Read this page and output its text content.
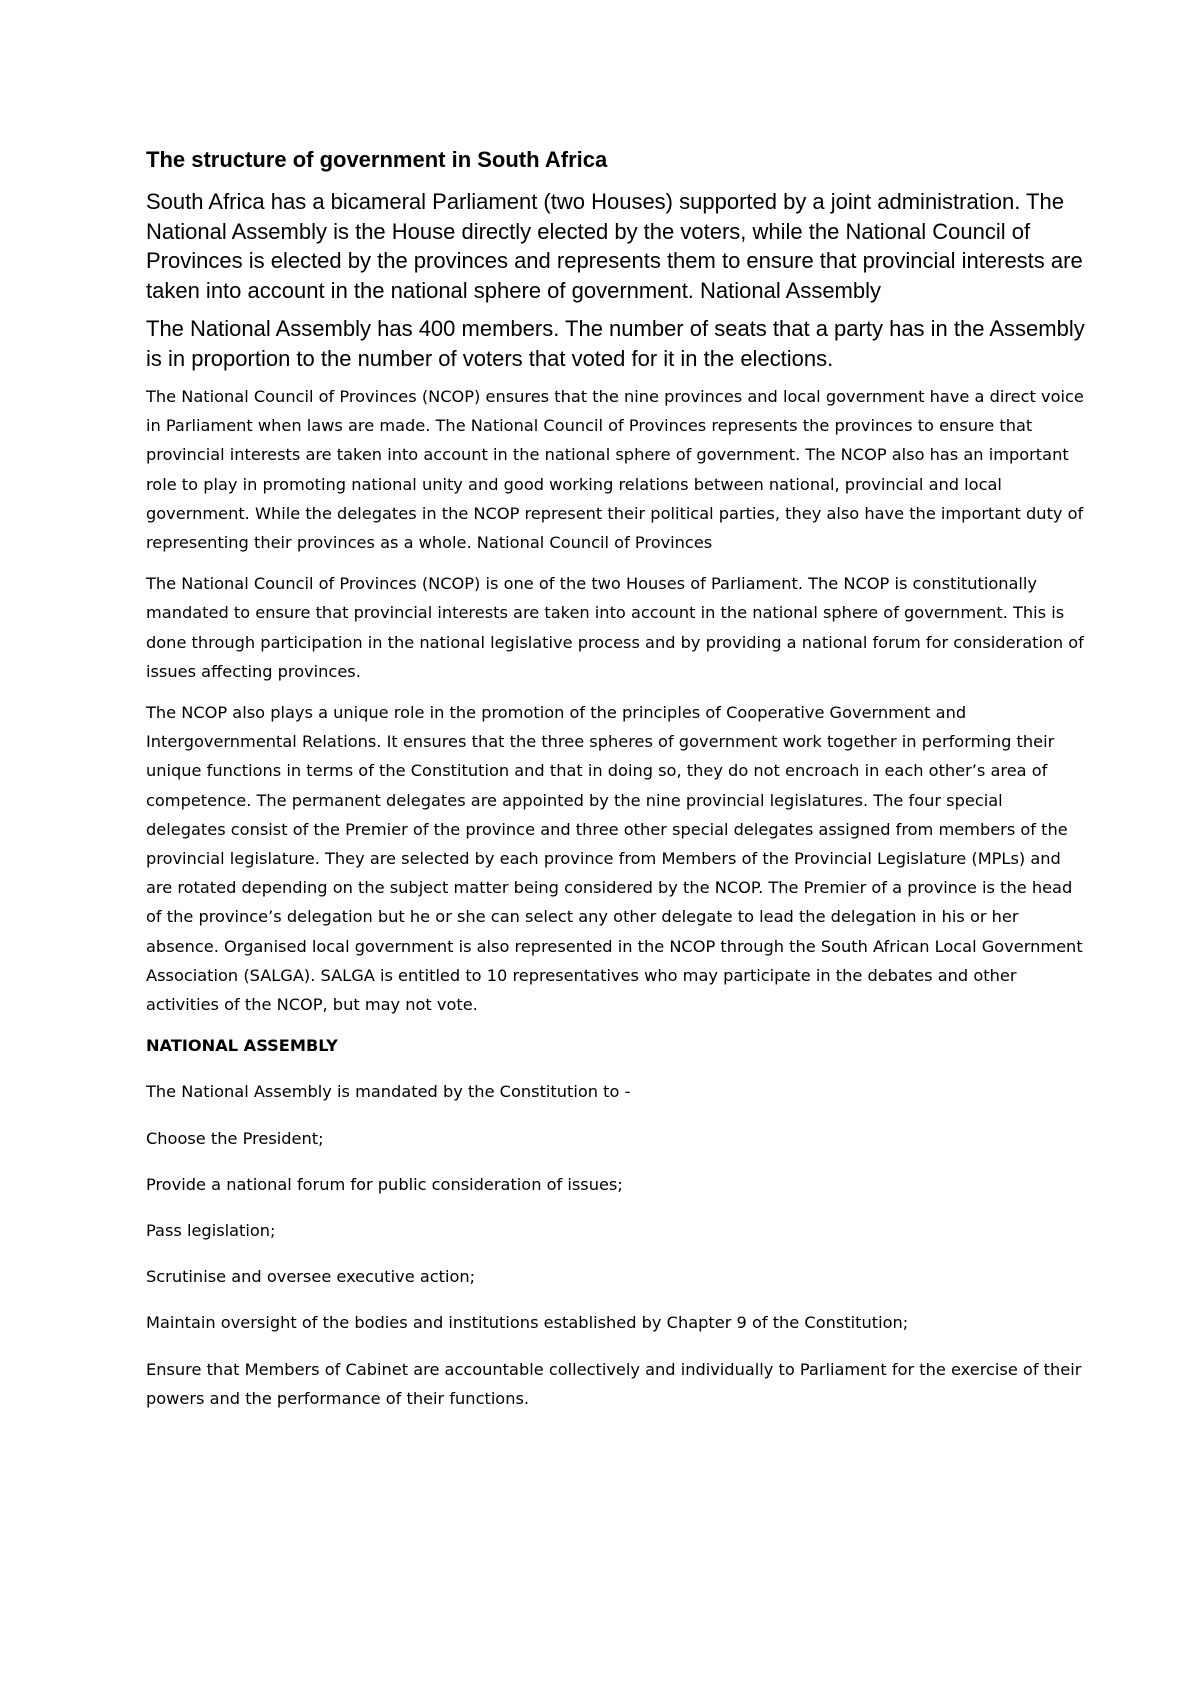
The structure of government in South Africa

South Africa has a bicameral Parliament (two Houses) supported by a joint administration. The National Assembly is the House directly elected by the voters, while the National Council of Provinces is elected by the provinces and represents them to ensure that provincial interests are taken into account in the national sphere of government. National Assembly

The National Assembly has 400 members. The number of seats that a party has in the Assembly is in proportion to the number of voters that voted for it in the elections.

The National Council of Provinces (NCOP) ensures that the nine provinces and local government have a direct voice in Parliament when laws are made. The National Council of Provinces represents the provinces to ensure that provincial interests are taken into account in the national sphere of government. The NCOP also has an important role to play in promoting national unity and good working relations between national, provincial and local government. While the delegates in the NCOP represent their political parties, they also have the important duty of representing their provinces as a whole. National Council of Provinces

The National Council of Provinces (NCOP) is one of the two Houses of Parliament. The NCOP is constitutionally mandated to ensure that provincial interests are taken into account in the national sphere of government. This is done through participation in the national legislative process and by providing a national forum for consideration of issues affecting provinces.

The NCOP also plays a unique role in the promotion of the principles of Cooperative Government and Intergovernmental Relations. It ensures that the three spheres of government work together in performing their unique functions in terms of the Constitution and that in doing so, they do not encroach in each other’s area of competence. The permanent delegates are appointed by the nine provincial legislatures. The four special delegates consist of the Premier of the province and three other special delegates assigned from members of the provincial legislature. They are selected by each province from Members of the Provincial Legislature (MPLs) and are rotated depending on the subject matter being considered by the NCOP. The Premier of a province is the head of the province’s delegation but he or she can select any other delegate to lead the delegation in his or her absence. Organised local government is also represented in the NCOP through the South African Local Government Association (SALGA). SALGA is entitled to 10 representatives who may participate in the debates and other activities of the NCOP, but may not vote.

NATIONAL ASSEMBLY

The National Assembly is mandated by the Constitution to -

Choose the President;

Provide a national forum for public consideration of issues;

Pass legislation;

Scrutinise and oversee executive action;

Maintain oversight of the bodies and institutions established by Chapter 9 of the Constitution;

Ensure that Members of Cabinet are accountable collectively and individually to Parliament for the exercise of their powers and the performance of their functions.
